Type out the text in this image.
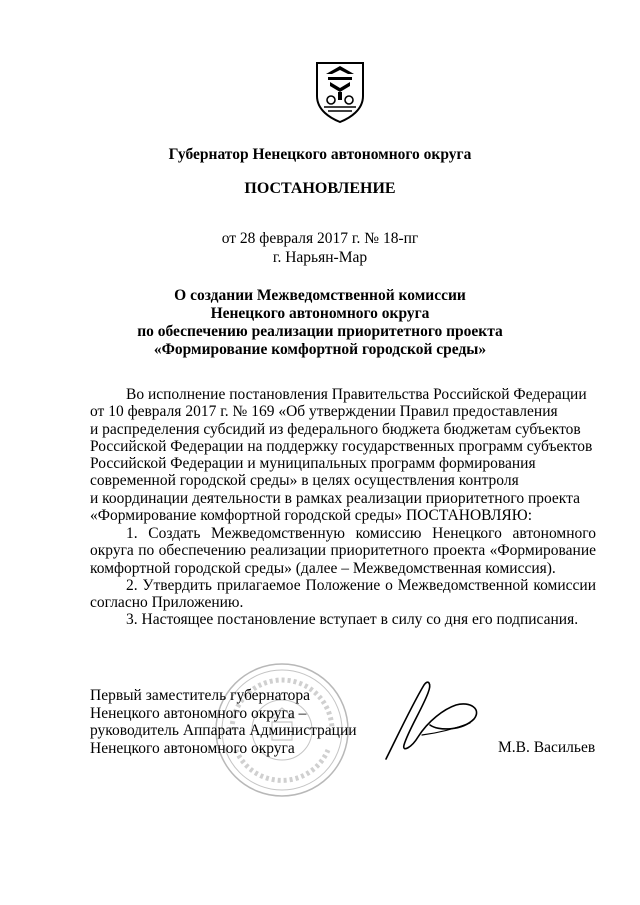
Губернатор Ненецкого автономного округа
ПОСТАНОВЛЕНИЕ
от 28 февраля 2017 г. № 18-пг
г. Нарьян-Мар
О создании Межведомственной комиссии
Ненецкого автономного округа
по обеспечению реализации приоритетного проекта
«Формирование комфортной городской среды»
Во исполнение постановления Правительства Российской Федерации
от 10 февраля 2017 г. № 169 «Об утверждении Правил предоставления
и распределения субсидий из федерального бюджета бюджетам субъектов
Российской Федерации на поддержку государственных программ субъектов
Российской Федерации и муниципальных программ формирования
современной городской среды» в целях осуществления контроля
и координации деятельности в рамках реализации приоритетного проекта
«Формирование комфортной городской среды» ПОСТАНОВЛЯЮ:
1. Создать Межведомственную комиссию Ненецкого автономного
округа по обеспечению реализации приоритетного проекта «Формирование
комфортной городской среды» (далее – Межведомственная комиссия).
2. Утвердить прилагаемое Положение о Межведомственной комиссии
согласно Приложению.
3. Настоящее постановление вступает в силу со дня его подписания.
Первый заместитель губернатора
Ненецкого автономного округа –
руководитель Аппарата Администрации
Ненецкого автономного округа	М.В. Васильев
